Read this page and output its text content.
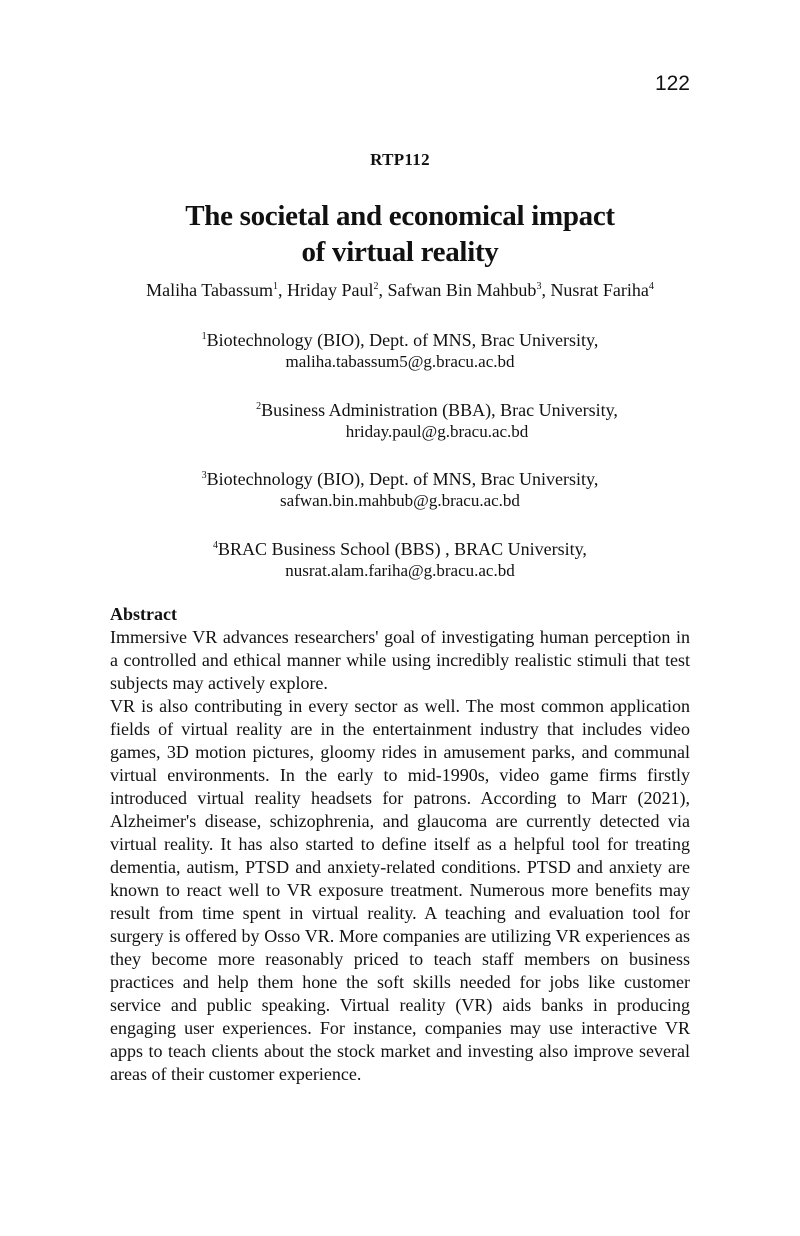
122
RTP112
The societal and economical impact
of virtual reality
Maliha Tabassum$^1$, Hriday Paul$^2$, Safwan Bin Mahbub$^3$, Nusrat Fariha$^4$
$^1$Biotechnology (BIO), Dept. of MNS, Brac University,
maliha.tabassum5@g.bracu.ac.bd
$^2$Business Administration (BBA), Brac University,
hriday.paul@g.bracu.ac.bd
$^3$Biotechnology (BIO), Dept. of MNS, Brac University,
safwan.bin.mahbub@g.bracu.ac.bd
$^4$BRAC Business School (BBS) , BRAC University,
nusrat.alam.fariha@g.bracu.ac.bd

Abstract

Immersive VR advances researchers' goal of investigating human perception in a controlled and ethical manner while using incredibly realistic stimuli that test subjects may actively explore.

VR is also contributing in every sector as well. The most common application fields of virtual reality are in the entertainment industry that includes video games, 3D motion pictures, gloomy rides in amusement parks, and communal virtual environments. In the early to mid-1990s, video game firms firstly introduced virtual reality headsets for patrons. According to Marr (2021), Alzheimer's disease, schizophrenia, and glaucoma are currently detected via virtual reality. It has also started to define itself as a helpful tool for treating dementia, autism, PTSD and anxiety-related conditions. PTSD and anxiety are known to react well to VR exposure treatment. Numerous more benefits may result from time spent in virtual reality. A teaching and evaluation tool for surgery is offered by Osso VR. More companies are utilizing VR experiences as they become more reasonably priced to teach staff members on business practices and help them hone the soft skills needed for jobs like customer service and public speaking. Virtual reality (VR) aids banks in producing engaging user experiences. For instance, companies may use interactive VR apps to teach clients about the stock market and investing also improve several areas of their customer experience.
